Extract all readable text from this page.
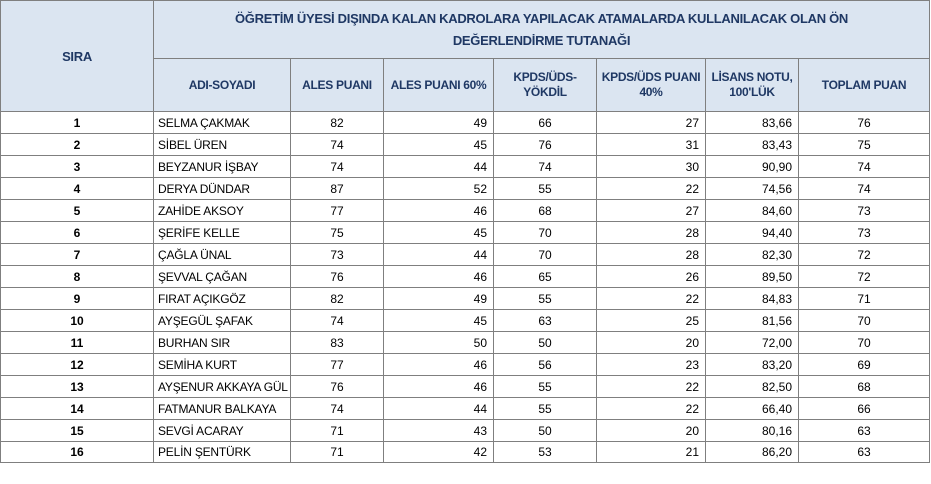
SIRA	ÖĞRETİM ÜYESİ DIŞINDA KALAN KADROLARA YAPILACAK ATAMALARDA KULLANILACAK OLAN ÖN DEĞERLENDİRME TUTANAĞI						
	ADI-SOYADI	ALES PUANI	ALES PUANI 60%	KPDS/ÜDS-YÖKDİL	KPDS/ÜDS PUANI 40%	LİSANS NOTU, 100'LÜK	TOPLAM PUAN
1	SELMA ÇAKMAK	82	49	66	27	83,66	76
2	SİBEL ÜREN	74	45	76	31	83,43	75
3	BEYZANUR İŞBAY	74	44	74	30	90,90	74
4	DERYA DÜNDAR	87	52	55	22	74,56	74
5	ZAHİDE AKSOY	77	46	68	27	84,60	73
6	ŞERİFE KELLE	75	45	70	28	94,40	73
7	ÇAĞLA ÜNAL	73	44	70	28	82,30	72
8	ŞEVVAL ÇAĞAN	76	46	65	26	89,50	72
9	FIRAT AÇIKGÖZ	82	49	55	22	84,83	71
10	AYŞEGÜL ŞAFAK	74	45	63	25	81,56	70
11	BURHAN SIR	83	50	50	20	72,00	70
12	SEMİHA KURT	77	46	56	23	83,20	69
13	AYŞENUR AKKAYA GÜL	76	46	55	22	82,50	68
14	FATMANUR BALKAYA	74	44	55	22	66,40	66
15	SEVGİ ACARAY	71	43	50	20	80,16	63
16	PELİN ŞENTÜRK	71	42	53	21	86,20	63
